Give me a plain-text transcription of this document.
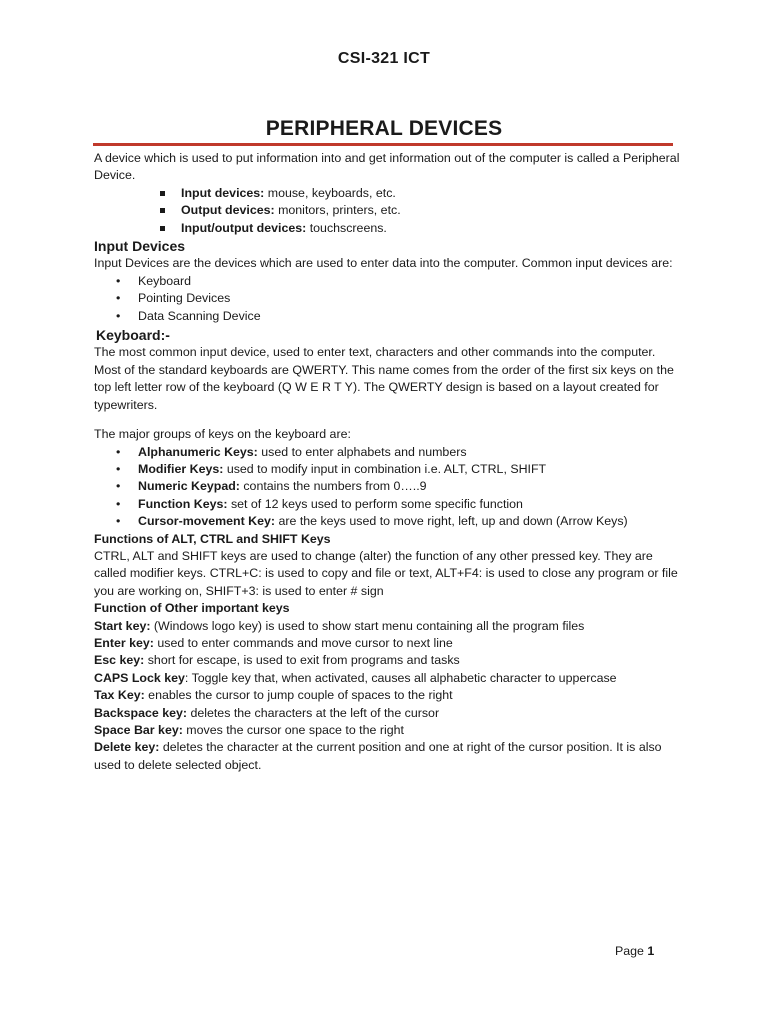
CSI-321 ICT
PERIPHERAL DEVICES

A device which is used to put information into and get information out of the computer is called a Peripheral Device.

Input devices: mouse, keyboards, etc.
Output devices: monitors, printers, etc.
Input/output devices: touchscreens.

Input Devices

Input Devices are the devices which are used to enter data into the computer. Common input devices are:

• Keyboard
• Pointing Devices
• Data Scanning Device

Keyboard:-

The most common input device, used to enter text, characters and other commands into the computer. Most of the standard keyboards are QWERTY. This name comes from the order of the first six keys on the top left letter row of the keyboard (Q W E R T Y). The QWERTY design is based on a layout created for typewriters.

The major groups of keys on the keyboard are:

• Alphanumeric Keys: used to enter alphabets and numbers
• Modifier Keys: used to modify input in combination i.e. ALT, CTRL, SHIFT
• Numeric Keypad: contains the numbers from 0…..9
• Function Keys: set of 12 keys used to perform some specific function
• Cursor-movement Key: are the keys used to move right, left, up and down (Arrow Keys)

Functions of ALT, CTRL and SHIFT Keys

CTRL, ALT and SHIFT keys are used to change (alter) the function of any other pressed key. They are called modifier keys. CTRL+C: is used to copy and file or text, ALT+F4: is used to close any program or file you are working on, SHIFT+3: is used to enter # sign

Function of Other important keys

Start key: (Windows logo key) is used to show start menu containing all the program files

Enter key: used to enter commands and move cursor to next line

Esc key: short for escape, is used to exit from programs and tasks

CAPS Lock key: Toggle key that, when activated, causes all alphabetic character to uppercase

Tax Key: enables the cursor to jump couple of spaces to the right

Backspace key: deletes the characters at the left of the cursor

Space Bar key: moves the cursor one space to the right

Delete key: deletes the character at the current position and one at right of the cursor position. It is also used to delete selected object.

Page 1
